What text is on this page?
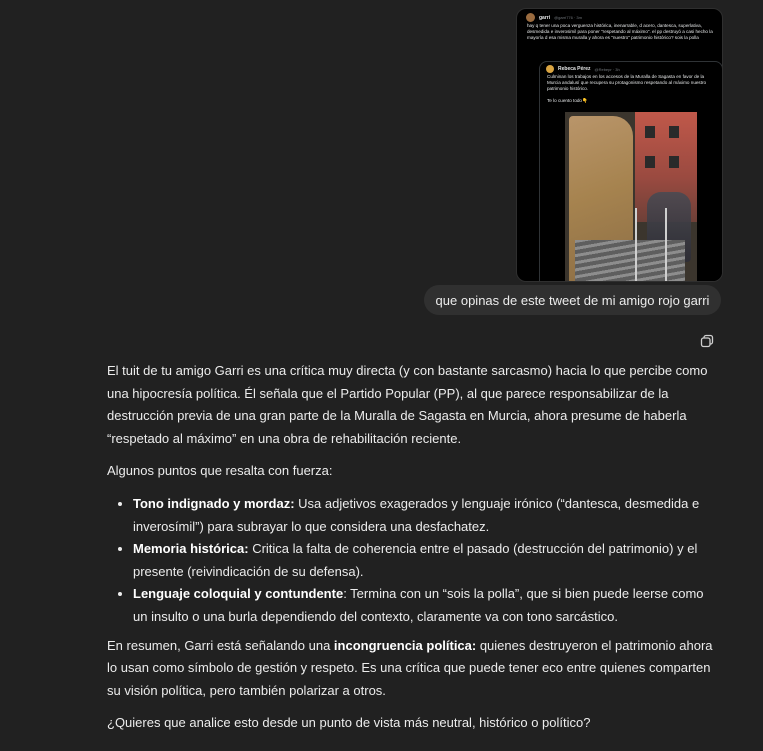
garri @garri776 · 3m
hay q tener una poca verguenza histórica, inenarrable, d acero, dantesca, superlativa, desmedida e inverosimil para poner "respetando al máximo". el pp destruyó a casi hecho la mayoría d esa misma muralla y ahora es "nuestro" patrimonio histórico? sois la polla
Rebeca Pérez @Rebepr · 3h
Culminan los trabajos en los accesos de la Muralla de Sagasta en favor de la Murcia andalusí que recupera su protagonismo respetando al máximo nuestro patrimonio histórico.
Te lo cuento todo👇
que opinas de este tweet de mi amigo rojo garri

El tuit de tu amigo Garri es una crítica muy directa (y con bastante sarcasmo) hacia lo que percibe como una hipocresía política. Él señala que el Partido Popular (PP), al que parece responsabilizar de la destrucción previa de una gran parte de la Muralla de Sagasta en Murcia, ahora presume de haberla “respetado al máximo” en una obra de rehabilitación reciente.

Algunos puntos que resalta con fuerza:

• Tono indignado y mordaz: Usa adjetivos exagerados y lenguaje irónico (“dantesca, desmedida e inverosímil”) para subrayar lo que considera una desfachatez.
• Memoria histórica: Critica la falta de coherencia entre el pasado (destrucción del patrimonio) y el presente (reivindicación de su defensa).
• Lenguaje coloquial y contundente: Termina con un “sois la polla”, que si bien puede leerse como un insulto o una burla dependiendo del contexto, claramente va con tono sarcástico.

En resumen, Garri está señalando una incongruencia política: quienes destruyeron el patrimonio ahora lo usan como símbolo de gestión y respeto. Es una crítica que puede tener eco entre quienes comparten su visión política, pero también polarizar a otros.

¿Quieres que analice esto desde un punto de vista más neutral, histórico o político?
